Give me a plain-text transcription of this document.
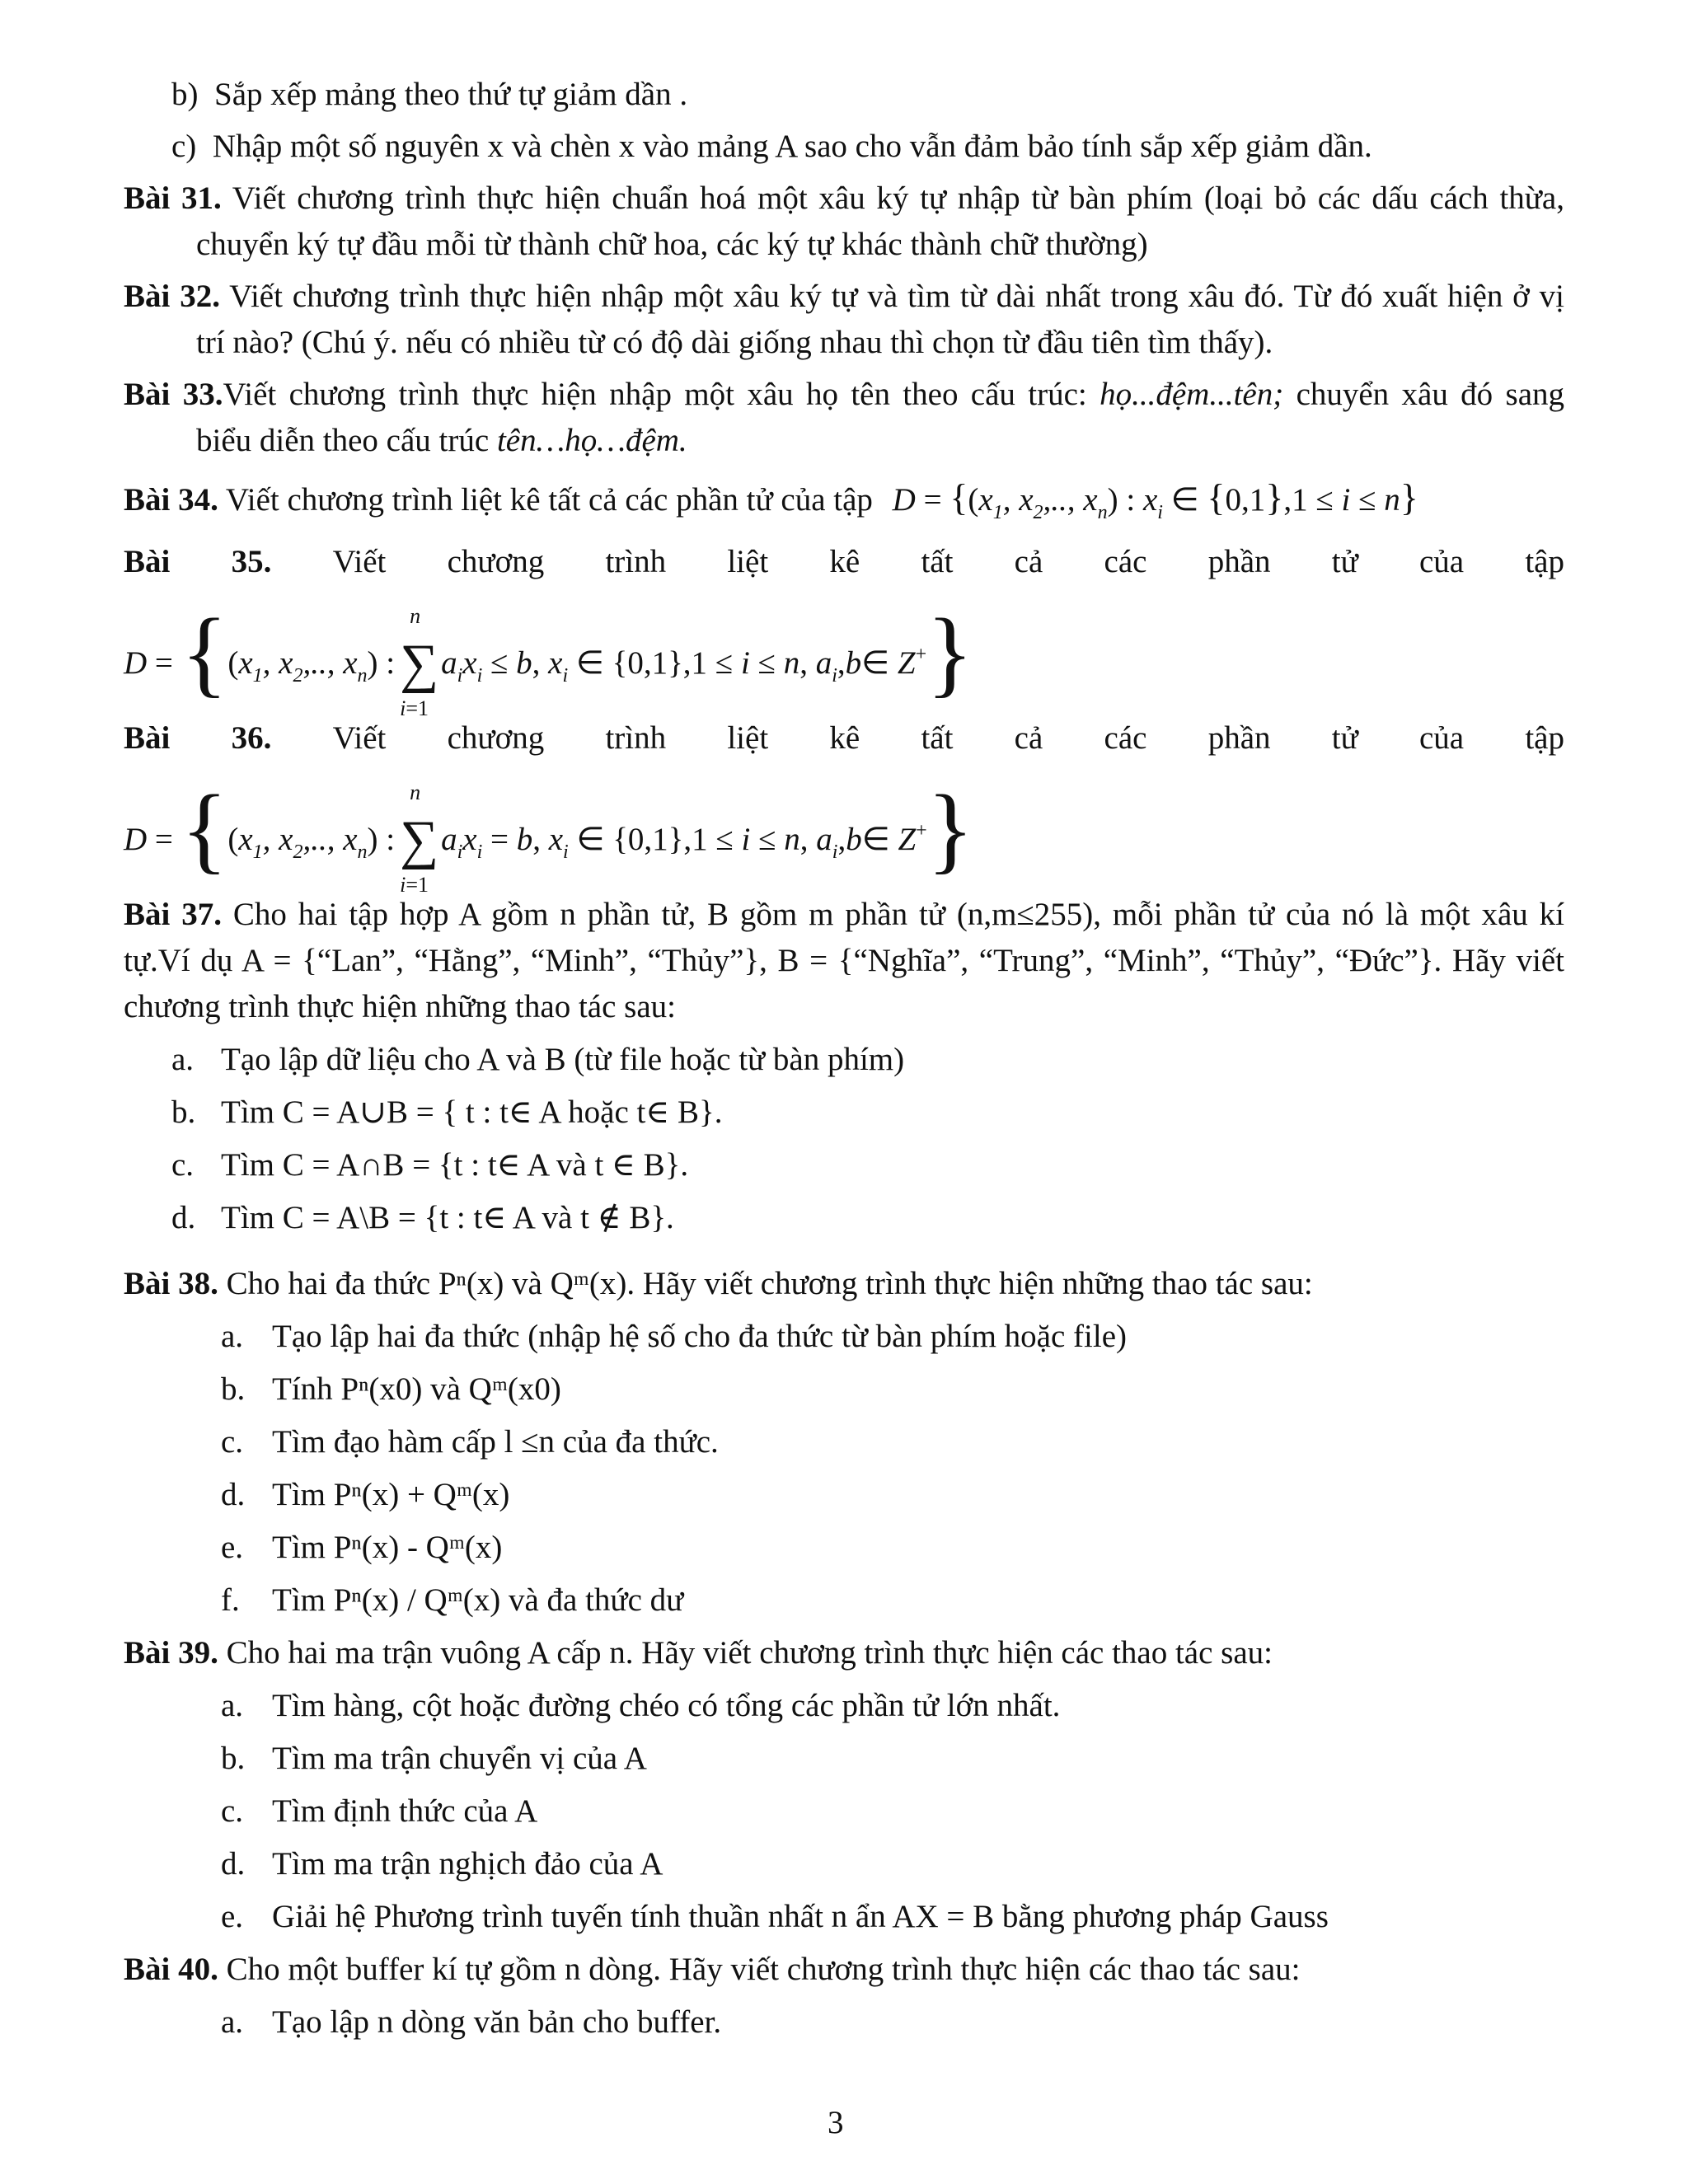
b) Sắp xếp mảng theo thứ tự giảm dần .
c) Nhập một số nguyên x và chèn x vào mảng A sao cho vẫn đảm bảo tính sắp xếp giảm dần.
Bài 31. Viết chương trình thực hiện chuẩn hoá một xâu ký tự nhập từ bàn phím (loại bỏ các dấu cách thừa,
chuyển ký tự đầu mỗi từ thành chữ hoa, các ký tự khác thành chữ thường)
Bài 32. Viết chương trình thực hiện nhập một xâu ký tự và tìm từ dài nhất trong xâu đó. Từ đó xuất hiện ở vị
trí nào? (Chú ý. nếu có nhiều từ có độ dài giống nhau thì chọn từ đầu tiên tìm thấy).
Bài 33.Viết chương trình thực hiện nhập một xâu họ tên theo cấu trúc: họ...đệm...tên; chuyển xâu đó sang
biểu diễn theo cấu trúc tên…họ…đệm.
Bài 34. Viết chương trình liệt kê tất cả các phần tử của tập $D = \{(x_1$, $x_2$,.., $x_n$) : $x_i$ ∈ {0,1},1 ≤ i ≤ n}
Bài 35. Viết chương trình liệt kê tất cả các phần tử của tập
$D = \{(x_1$, $x_2$,.., $x_n$) :
n
∑
i=1
$a_ix_i \le b$, $x_i$ ∈ {0,1},1 ≤ i ≤ n, $a_i,b\in$ Z+}
Bài 36. Viết chương trình liệt kê tất cả các phần tử của tập
$D = \{(x_1$, $x_2$,.., $x_n$) :
n
∑
i=1
$a_ix_i = b$, $x_i$ ∈ {0,1},1 ≤ i ≤ n, $a_i,b\in$ Z+}
Bài 37. Cho hai tập hợp A gồm n phần tử, B gồm m phần tử (n,m≤255), mỗi phần tử của nó là một xâu kí
tự.Ví dụ A = {“Lan”, “Hằng”, “Minh”, “Thủy”}, B = {“Nghĩa”, “Trung”, “Minh”, “Thủy”, “Đức”}. Hãy viết
chương trình thực hiện những thao tác sau:
a. Tạo lập dữ liệu cho A và B (từ file hoặc từ bàn phím)
b. Tìm C = A∪B = { t : t∈ A hoặc t∈ B}.
c. Tìm C = A∩B = {t : t∈ A và t ∈ B}.
d. Tìm C = A\B = {t : t∈ A và t ∉ B}.
Bài 38. Cho hai đa thức Pⁿ(x) và Qᵐ(x). Hãy viết chương trình thực hiện những thao tác sau:
a. Tạo lập hai đa thức (nhập hệ số cho đa thức từ bàn phím hoặc file)
b. Tính Pⁿ(x0) và Qᵐ(x0)
c. Tìm đạo hàm cấp l ≤n của đa thức.
d. Tìm Pⁿ(x) + Qᵐ(x)
e. Tìm Pⁿ(x) - Qᵐ(x)
f. Tìm Pⁿ(x) / Qᵐ(x) và đa thức dư
Bài 39. Cho hai ma trận vuông A cấp n. Hãy viết chương trình thực hiện các thao tác sau:
a. Tìm hàng, cột hoặc đường chéo có tổng các phần tử lớn nhất.
b. Tìm ma trận chuyển vị của A
c. Tìm định thức của A
d. Tìm ma trận nghịch đảo của A
e. Giải hệ Phương trình tuyến tính thuần nhất n ẩn AX = B bằng phương pháp Gauss
Bài 40. Cho một buffer kí tự gồm n dòng. Hãy viết chương trình thực hiện các thao tác sau:
a. Tạo lập n dòng văn bản cho buffer.
3
